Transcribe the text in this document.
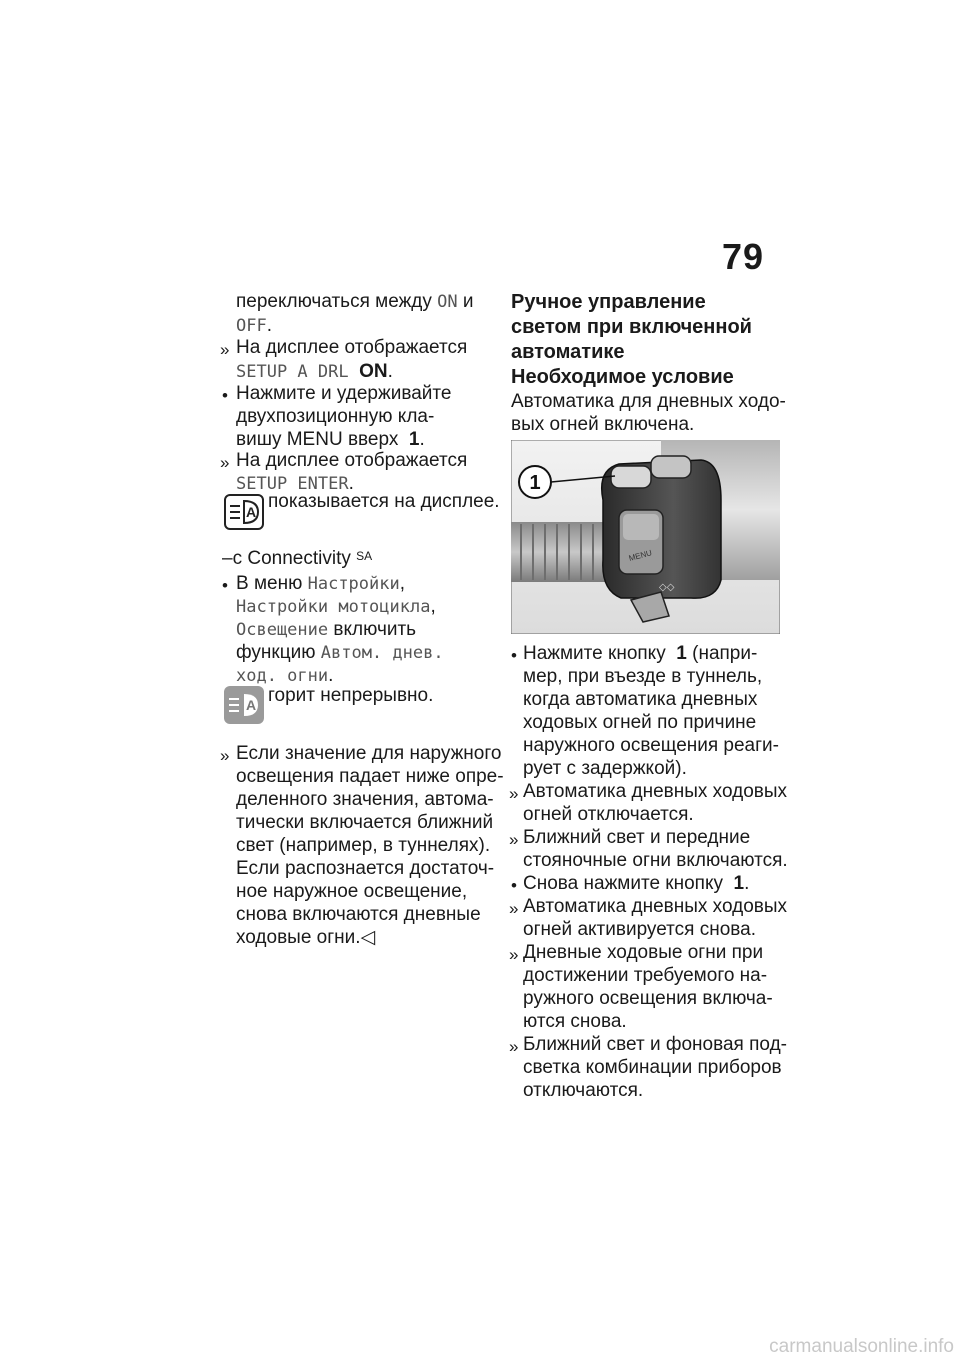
79
переключаться между ON и
OFF.
» На дисплее отображается
SETUP A DRL ON.
• Нажмите и удерживайте
двухпозиционную кла-
вишу MENU вверх  1.
» На дисплее отображается
SETUP ENTER.
A показывается на дисплее.
–с Connectivity $^{SA}$
• В меню Настройки,
Настройки мотоцикла,
Освещение включить
функцию Автом. днев.
ход. огни.
A горит непрерывно.
» Если значение для наружного
освещения падает ниже опре-
деленного значения, автома-
тически включается ближний
свет (например, в туннелях).
Если распознается достаточ-
ное наружное освещение,
снова включаются дневные
ходовые огни.◁
Ручное управление
светом при включенной
автоматике
Необходимое условие
Автоматика для дневных ходо-
вых огней включена.
MENU
◇◇
1
• Нажмите кнопку  1 (напри-
мер, при въезде в туннель,
когда автоматика дневных
ходовых огней по причине
наружного освещения реаги-
рует с задержкой).
» Автоматика дневных ходовых
огней отключается.
» Ближний свет и передние
стояночные огни включаются.
• Снова нажмите кнопку  1.
» Автоматика дневных ходовых
огней активируется снова.
» Дневные ходовые огни при
достижении требуемого на-
ружного освещения включа-
ются снова.
» Ближний свет и фоновая под-
светка комбинации приборов
отключаются.
carmanualsonline.info
